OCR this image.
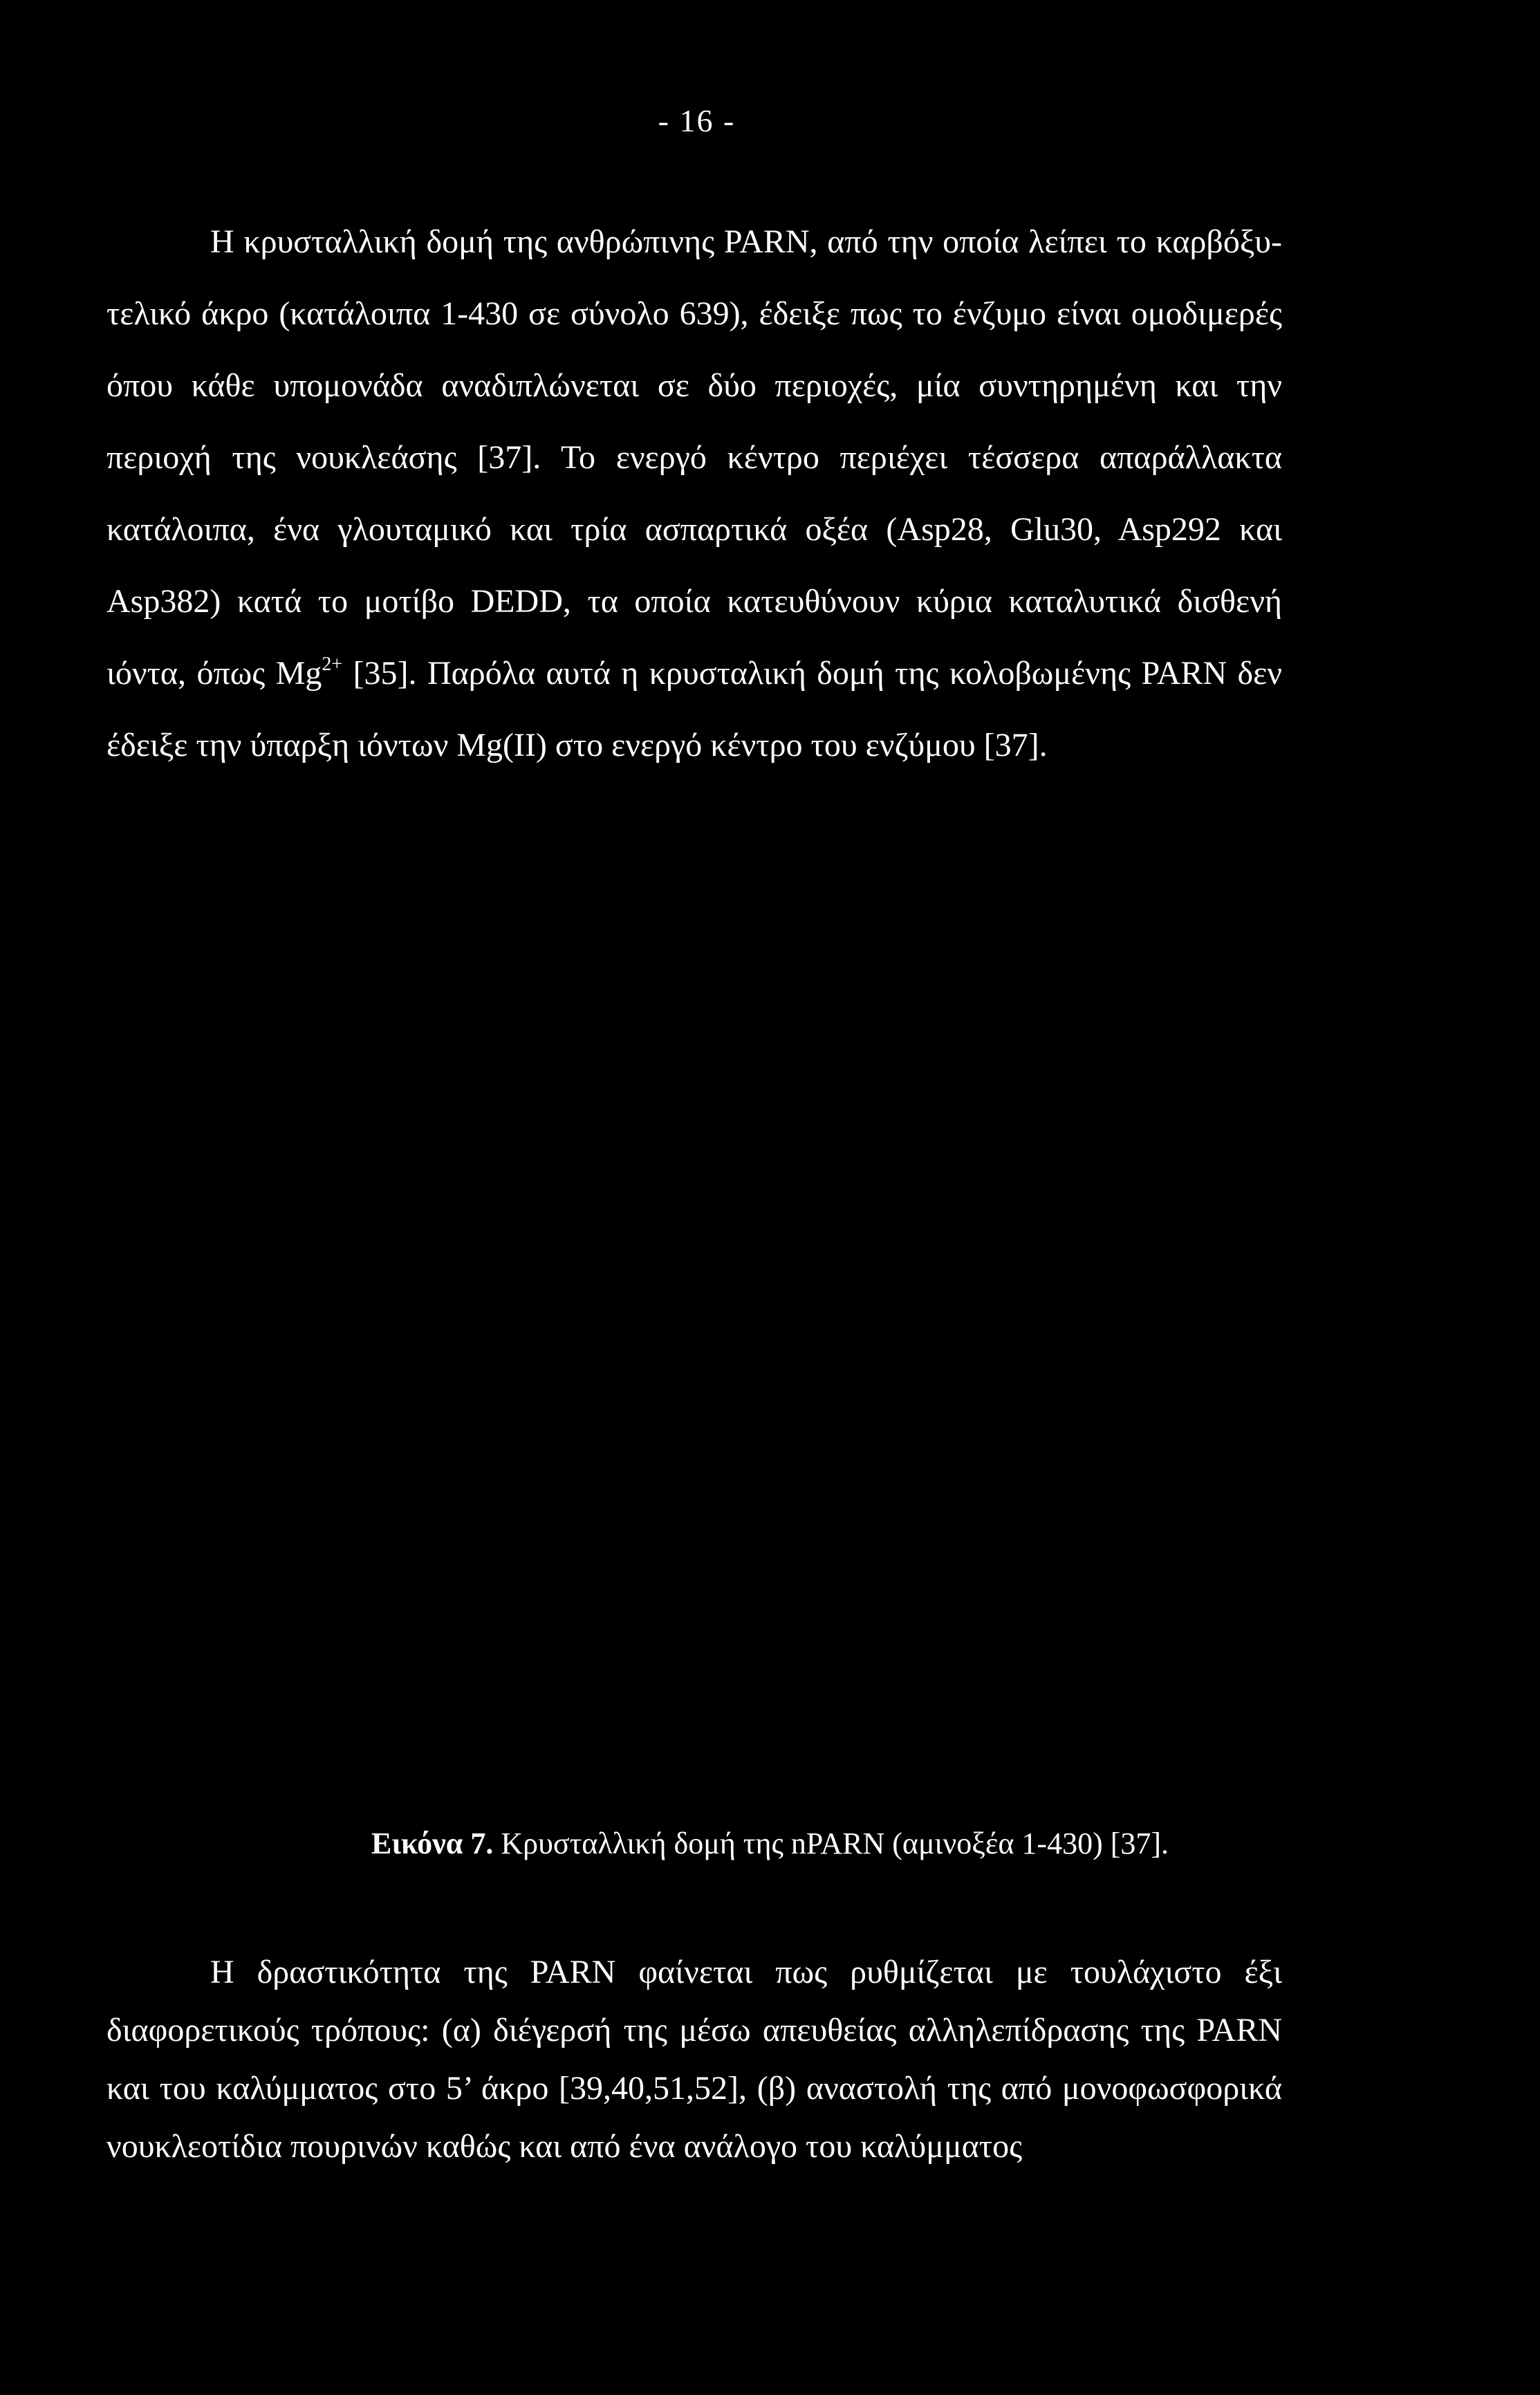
- 16 -

Η κρυσταλλική δομή της ανθρώπινης PARN, από την οποία λείπει το καρβόξυ-τελικό άκρο (κατάλοιπα 1-430 σε σύνολο 639), έδειξε πως το ένζυμο είναι ομοδιμερές όπου κάθε υπομονάδα αναδιπλώνεται σε δύο περιοχές, μία συντηρημένη και την περιοχή της νουκλεάσης [37]. Το ενεργό κέντρο περιέχει τέσσερα απαράλλακτα κατάλοιπα, ένα γλουταμικό και τρία ασπαρτικά οξέα (Asp28, Glu30, Asp292 και Asp382) κατά το μοτίβο DEDD, τα οποία κατευθύνουν κύρια καταλυτικά δισθενή ιόντα, όπως $Mg^{2+}$ [35]. Παρόλα αυτά η κρυσταλική δομή της κολοβωμένης PARN δεν έδειξε την ύπαρξη ιόντων Mg(II) στο ενεργό κέντρο του ενζύμου [37].

Εικόνα 7. Κρυσταλλική δομή της nPARN (αμινοξέα 1-430) [37].

Η δραστικότητα της PARN φαίνεται πως ρυθμίζεται με τουλάχιστο έξι διαφορετικούς τρόπους: (α) διέγερσή της μέσω απευθείας αλληλεπίδρασης της PARN και του καλύμματος στο 5’ άκρο [39,40,51,52], (β) αναστολή της από μονοφωσφορικά νουκλεοτίδια πουρινών καθώς και από ένα ανάλογο του καλύμματος
